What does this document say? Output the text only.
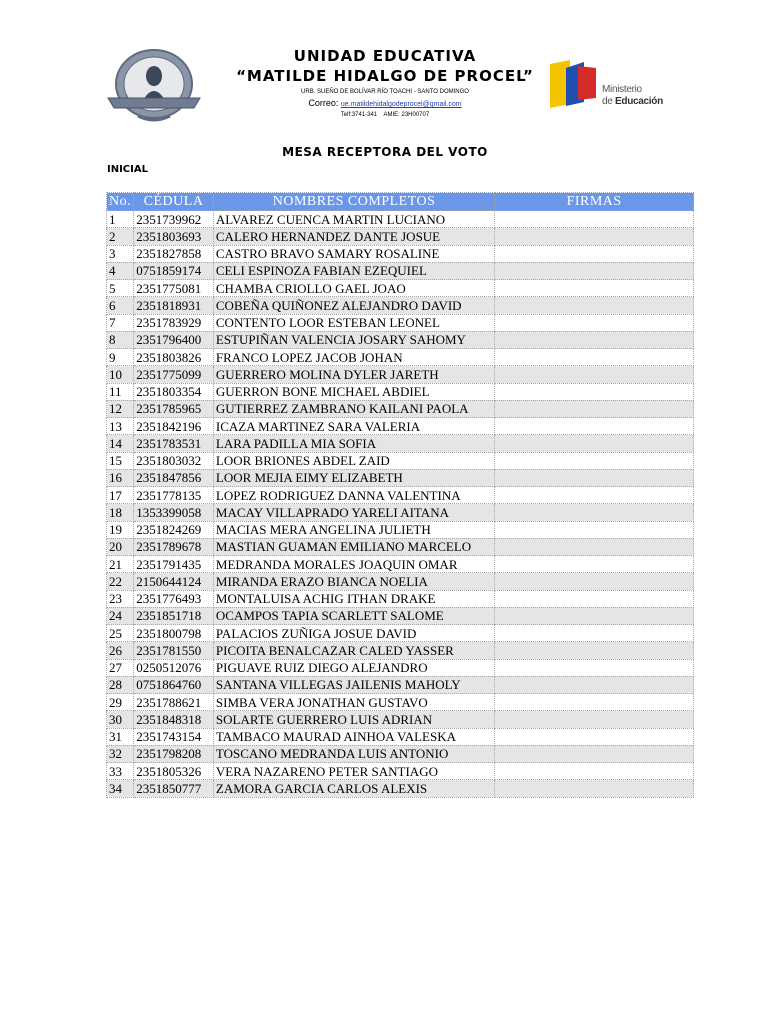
UNIDAD EDUCATIVA
“MATILDE HIDALGO DE PROCEL”
URB. SUEÑO DE BOLÍVAR RÍO TOACHI - SANTO DOMINGO
Correo: ue.matildehidalgodeprocel@gmail.com
Telf:3741-341 AMIE: 23H00707
Ministerio
de Educación
MESA RECEPTORA DEL VOTO
INICIAL
No.	CÉDULA	NOMBRES COMPLETOS	FIRMAS
1	2351739962	ALVAREZ CUENCA MARTIN LUCIANO	
2	2351803693	CALERO HERNANDEZ DANTE JOSUE	
3	2351827858	CASTRO BRAVO SAMARY ROSALINE	
4	0751859174	CELI ESPINOZA FABIAN EZEQUIEL	
5	2351775081	CHAMBA CRIOLLO GAEL JOAO	
6	2351818931	COBEÑA QUIÑONEZ ALEJANDRO DAVID	
7	2351783929	CONTENTO LOOR ESTEBAN LEONEL	
8	2351796400	ESTUPIÑAN VALENCIA JOSARY SAHOMY	
9	2351803826	FRANCO LOPEZ JACOB JOHAN	
10	2351775099	GUERRERO MOLINA DYLER JARETH	
11	2351803354	GUERRON BONE MICHAEL ABDIEL	
12	2351785965	GUTIERREZ ZAMBRANO KAILANI PAOLA	
13	2351842196	ICAZA MARTINEZ SARA VALERIA	
14	2351783531	LARA PADILLA MIA SOFIA	
15	2351803032	LOOR BRIONES ABDEL ZAID	
16	2351847856	LOOR MEJIA EIMY ELIZABETH	
17	2351778135	LOPEZ RODRIGUEZ DANNA VALENTINA	
18	1353399058	MACAY VILLAPRADO YARELI AITANA	
19	2351824269	MACIAS MERA ANGELINA JULIETH	
20	2351789678	MASTIAN GUAMAN EMILIANO MARCELO	
21	2351791435	MEDRANDA MORALES JOAQUIN OMAR	
22	2150644124	MIRANDA ERAZO BIANCA NOELIA	
23	2351776493	MONTALUISA ACHIG ITHAN DRAKE	
24	2351851718	OCAMPOS TAPIA SCARLETT SALOME	
25	2351800798	PALACIOS ZUÑIGA JOSUE DAVID	
26	2351781550	PICOITA BENALCAZAR CALED YASSER	
27	0250512076	PIGUAVE RUIZ DIEGO ALEJANDRO	
28	0751864760	SANTANA VILLEGAS JAILENIS MAHOLY	
29	2351788621	SIMBA VERA JONATHAN GUSTAVO	
30	2351848318	SOLARTE GUERRERO LUIS ADRIAN	
31	2351743154	TAMBACO MAURAD AINHOA VALESKA	
32	2351798208	TOSCANO MEDRANDA LUIS ANTONIO	
33	2351805326	VERA NAZARENO PETER SANTIAGO	
34	2351850777	ZAMORA GARCIA CARLOS ALEXIS	
